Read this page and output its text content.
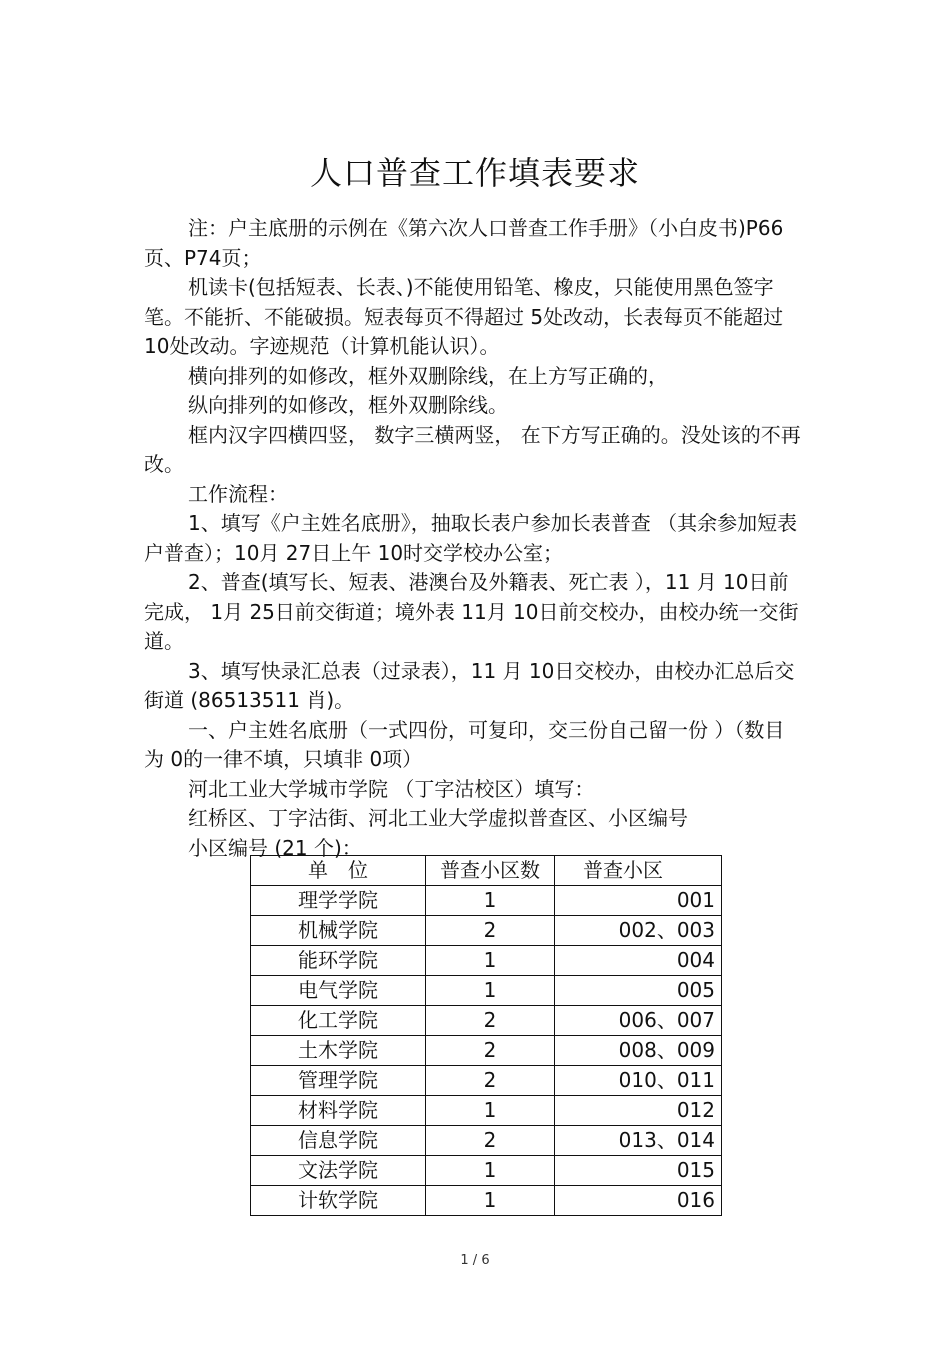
人口普查工作填表要求

注：户主底册的示例在《第六次人口普查工作手册》（小白皮书)P66页、P74页；

机读卡(包括短表、长表、)不能使用铅笔、橡皮，只能使用黑色签字笔。不能折、不能破损。短表每页不得超过 5处改动，长表每页不能超过 10处改动。字迹规范（计算机能认识）。

横向排列的如修改，框外双删除线，在上方写正确的，

纵向排列的如修改，框外双删除线。

框内汉字四横四竖， 数字三横两竖， 在下方写正确的。没处该的不再改。

工作流程：

1、填写《户主姓名底册》，抽取长表户参加长表普查 （其余参加短表户普查）；10月 27日上午 10时交学校办公室；

2、普查(填写长、短表、港澳台及外籍表、死亡表 ），11 月 10日前完成， 1月 25日前交街道；境外表 11月 10日前交校办，由校办统一交街道。

3、填写快录汇总表（过录表），11 月 10日交校办，由校办汇总后交街道 (86513511 肖)。

一、户主姓名底册（一式四份，可复印，交三份自己留一份 ）（数目为 0的一律不填，只填非 0项）

河北工业大学城市学院 （丁字沽校区）填写：

红桥区、丁字沽街、河北工业大学虚拟普查区、小区编号

小区编号 (21 个)：

单　位	普查小区数	普查小区
理学学院	1	001
机械学院	2	002、003
能环学院	1	004
电气学院	1	005
化工学院	2	006、007
土木学院	2	008、009
管理学院	2	010、011
材料学院	1	012
信息学院	2	013、014
文法学院	1	015
计软学院	1	016
1 / 6
